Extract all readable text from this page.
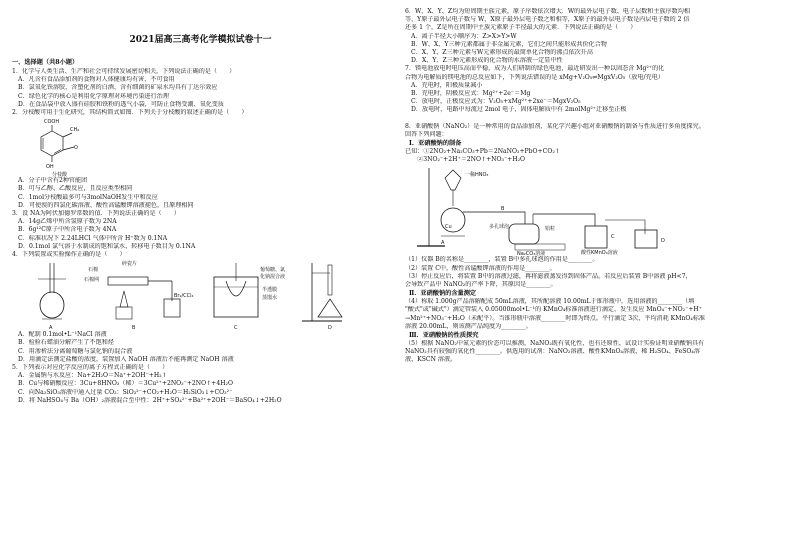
2021届高三高考化学模拟试卷十一
一、选择题（共8小题）
1．化学与人类生活、生产和社会可持续发展密切相关，下列说法正确的是（　　）
A．凡含有食品添加剂的食物对人体健康均有害，不可食用
B．氯氧化铁溶胶、含塑化剂的白酒、含有细菌的矿泉水均具有丁达尔效应
C．绿色化学的核心是利用化学原理对环境污染进行治理
D．在食品袋中放入盛有硅胶和铁粉的透气小袋，可防止食物受潮、氧化变质
2．分枝酸可用于生化研究，其结构简式如图．下列关于分枝酸的叙述正确的是（　　）
COOH
CH₂
O
OH
分枝酸
A．分子中含有2种官能团
B．可与乙醇、乙酸反应，且反应类型相同
C．1mol分枝酸最多可与3molNaOH发生中和反应
D．可使溴的四氯化碳溶液、酸性高锰酸钾溶液褪色，且原理相同
3．设 NA为阿伏加德罗常数的值．下列说法正确的是（　　）
A．14g乙烯中所含氢原子数为 2NA
B．6g¹²C原子中所含电子数为 4NA
C．标准状况下 2.24LHCl 气体中所含 H⁺数为 0.1NA
D．0.1mol 氯气溶于水制成的饱和氯水，转移电子数目为 0.1NA
4．下列装置或实验操作正确的是（　　）
A
石棉
石棉网
碎瓷片
Br₂/CCl₄
B
葡萄糖、氯
化钠混合液
半透膜
蒸馏水
C	D
A．配制 0.1mol•L⁻¹NaCl 溶液
B．检验石蜡油分解产生了不饱和烃
C．用渗析法分离葡萄糖与氯化钠的混合液
D．用滴定法测定盐酸的浓度，装置加入 NaOH 溶液后不能再测定 NaOH 溶液
5．下列表示对应化学反应的离子方程式正确的是（　　）
A．金属钠与水反应：Na+2H₂O＝Na⁺+2OH⁻+H₂↑
B．Cu与稀硝酸反应：3Cu+8HNO₃（稀）＝3Cu²⁺+2NO₃⁻+2NO↑+4H₂O
C．向Na₂SiO₃溶液中通入过量 CO₂：SiO₃²⁻+CO₂+H₂O＝H₂SiO₃↓+CO₃²⁻
D．将 NaHSO₄与 Ba（OH）₂溶液混合至中性：2H⁺+SO₄²⁻+Ba²⁺+2OH⁻＝BaSO₄↓+2H₂O
6．W、X、Y、Z均为短周期主族元素，原子序数依次增大．W的最外层电子数、电子层数和主族序数均相
等，Y原子最外层电子数与 W、X原子最外层电子数之和相等，X原子的最外层电子数是内层电子数的 2 倍
还多 1 个，Z是所在周期中主族元素原子半径最大的元素．下列说法正确的是（　　）
A．离子半径大小顺序为：Z>X>Y>W
B．W、X、Y三种元素都属于非金属元素，它们之间只能形成共价化合物
C．X、Y、Z三种元素与W元素形成的最简单化合物的沸点依次升高
D．X、Y、Z三种元素形成的化合物的水溶液一定显中性
7．镁电池放电时电压高而平稳，成为人们研制的绿色电池，最近研发出一种以固态含 Mg²⁺的化
合物为电解质的镁电池的总反应如下，下列说法错误的是 xMg+V₂O₅⇌MgxV₂O₅（放电/充电）
A．充电时，阳极质量减小
B．充电时，阴极反应式：Mg²⁺+2e⁻＝Mg
C．放电时，正极反应式为：V₂O₅+xMg²⁺+2xe⁻＝MgxV₂O₅
D．放电时，电路中每流过 2mol 电子，固体电解质中有 2molMg²⁺迁移至正极
8．亚硝酸钠（NaNO₂）是一种常用的食品添加剂，某化学兴趣小组对亚硝酸钠的制备与性质进行多角度探究。
回答下列问题：
Ⅰ．亚硝酸钠的制备
已知：①2NO₂+Na₂CO₃+Pb＝2NaNO₂+PbO+CO₂↑
　　②3NO₂⁻+2H⁺＝2NO↑+NO₃⁻+H₂O
一稀HNO₃
Cu
A
B
多孔球泡	铅粒
Na₂CO₃溶液	酸性KMnO₄溶液
C
D
（1）仪器 B的名称是________，装置 B中多孔球泡的作用是________。
（2）装置 C中，酸性高锰酸钾溶液的作用是________。
（3）停止反应后，将装置 B中的溶液过滤，再将滤液蒸发得到固体产品。若反应后装置 B中溶液 pH<7，
会导致产品中 NaNO₂的产率下降，其原因是________。
Ⅱ．亚硝酸钠的含量测定
（4）称取 1.000g产品溶解配成 50mL溶液，其所配溶液 10.00mL于锥形瓶中，选用溶液的________（填
"酸式"或"碱式"）滴定管装入 0.05000mol•L⁻¹的 KMnO₄标准溶液进行滴定，发生反应 MnO₄⁻+NO₂⁻+H⁺
→Mn²⁺+NO₃⁻+H₂O（未配平）。当锥形瓶中溶液________时即为终点。平行滴定 3次，平均消耗 KMnO₄标准
溶液 20.00mL，则该测产品纯度为________。
Ⅲ．亚硝酸钠的性质探究
（5）根据 NaNO₂中氮元素的价态可以推测，NaNO₂既有氧化性，也有还原性，试设计实验证明亚硝酸钠具有
NaNO₂具有较强的氧化性________。供选用的试剂：NaNO₂溶液、酸性KMnO₄溶液、稀 H₂SO₄、FeSO₄溶
液、KSCN 溶液。
